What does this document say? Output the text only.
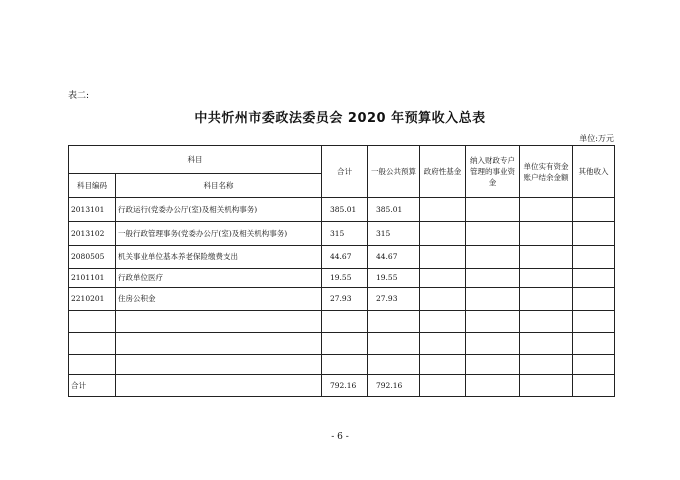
表二:
中共忻州市委政法委员会 2020 年预算收入总表
单位:万元
科目		合计	一般公共预算	政府性基金	纳入财政专户管理的事业资金	单位实有资金账户结余金额	其他收入
科目编码	科目名称						
2013101	行政运行(党委办公厅(室)及相关机构事务)	385.01	385.01				
2013102	一般行政管理事务(党委办公厅(室)及相关机构事务)	315	315				
2080505	机关事业单位基本养老保险缴费支出	44.67	44.67				
2101101	行政单位医疗	19.55	19.55				
2210201	住房公积金	27.93	27.93				

合计		792.16	792.16				
- 6 -
